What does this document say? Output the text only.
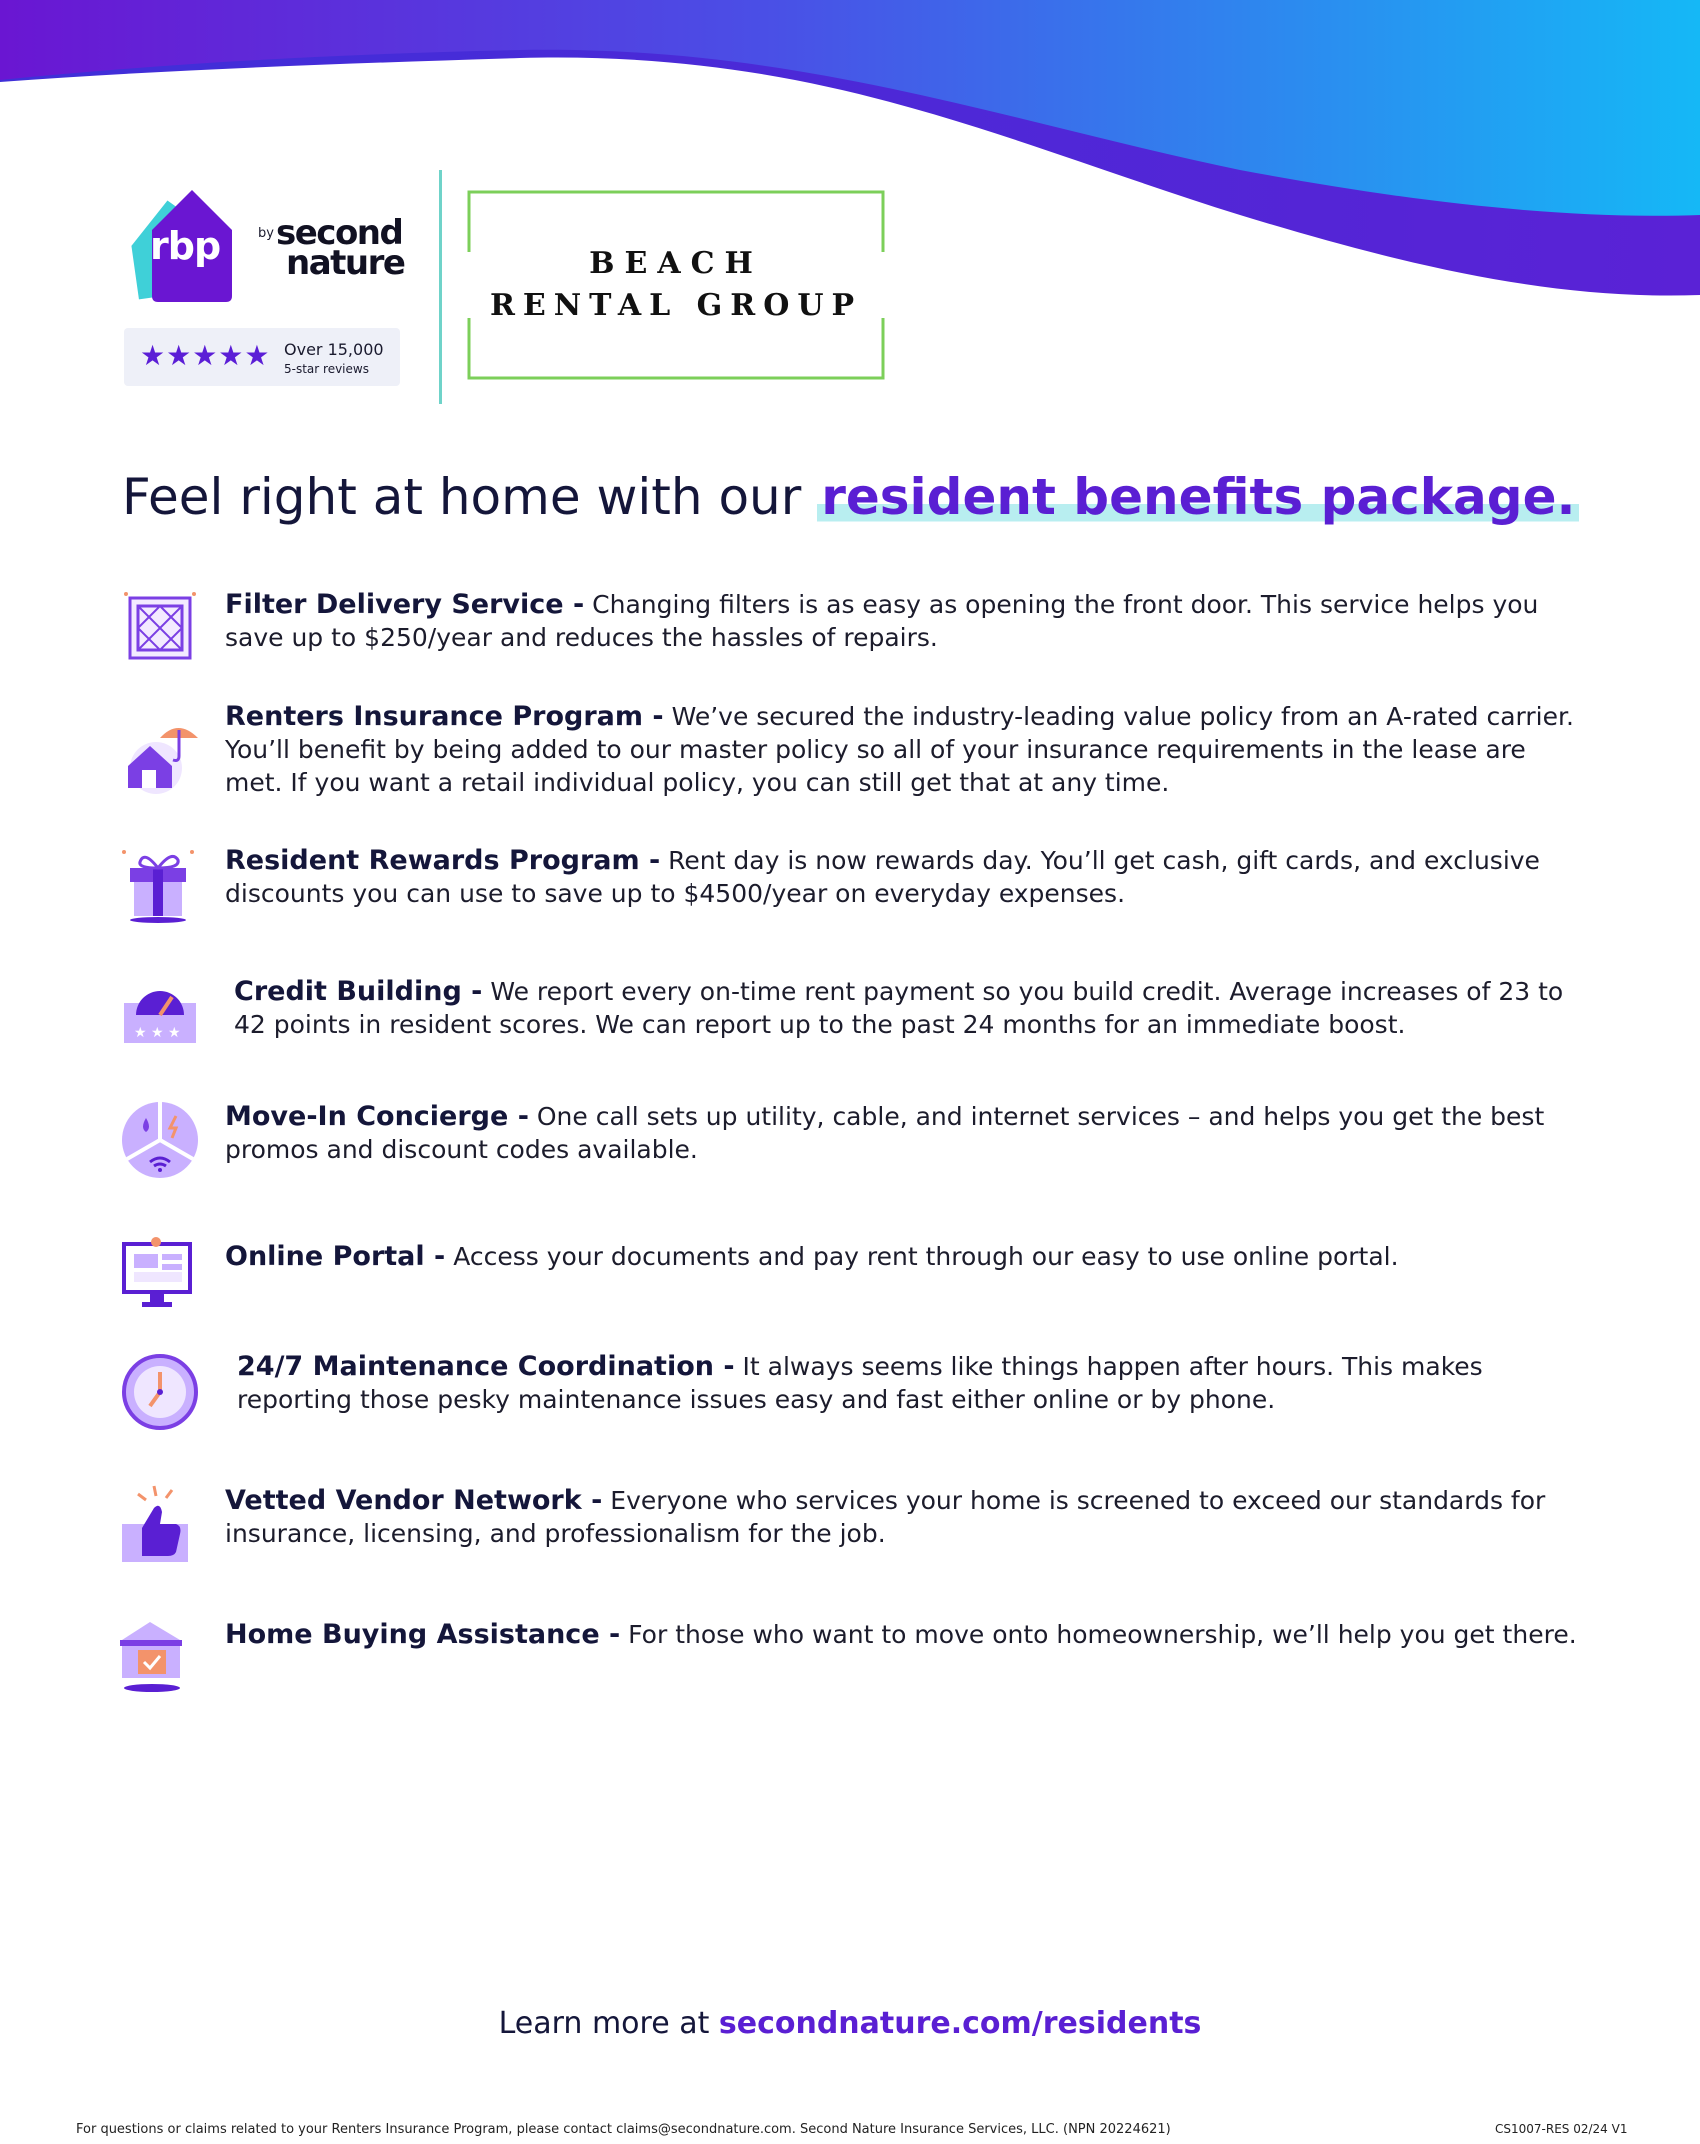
rbp	by second
nature
★★★★★ Over 15,000
5-star reviews
BEACH
RENTAL GROUP
Feel right at home with our resident benefits package.
Filter Delivery Service - Changing filters is as easy as opening the front door. This service helps you save up to $250/year and reduces the hassles of repairs.
Renters Insurance Program - We’ve secured the industry-leading value policy from an A-rated carrier. You’ll benefit by being added to our master policy so all of your insurance requirements in the lease are met. If you want a retail individual policy, you can still get that at any time.
Resident Rewards Program - Rent day is now rewards day. You’ll get cash, gift cards, and exclusive discounts you can use to save up to $4500/year on everyday expenses.
★ ★ ★
Credit Building - We report every on-time rent payment so you build credit. Average increases of 23 to 42 points in resident scores. We can report up to the past 24 months for an immediate boost.
Move-In Concierge - One call sets up utility, cable, and internet services – and helps you get the best promos and discount codes available.
Online Portal - Access your documents and pay rent through our easy to use online portal.
24/7 Maintenance Coordination - It always seems like things happen after hours. This makes reporting those pesky maintenance issues easy and fast either online or by phone.
Vetted Vendor Network - Everyone who services your home is screened to exceed our standards for insurance, licensing, and professionalism for the job.
Home Buying Assistance - For those who want to move onto homeownership, we’ll help you get there.
Learn more at secondnature.com/residents
For questions or claims related to your Renters Insurance Program, please contact claims@secondnature.com. Second Nature Insurance Services, LLC. (NPN 20224621)	CS1007-RES 02/24 V1
